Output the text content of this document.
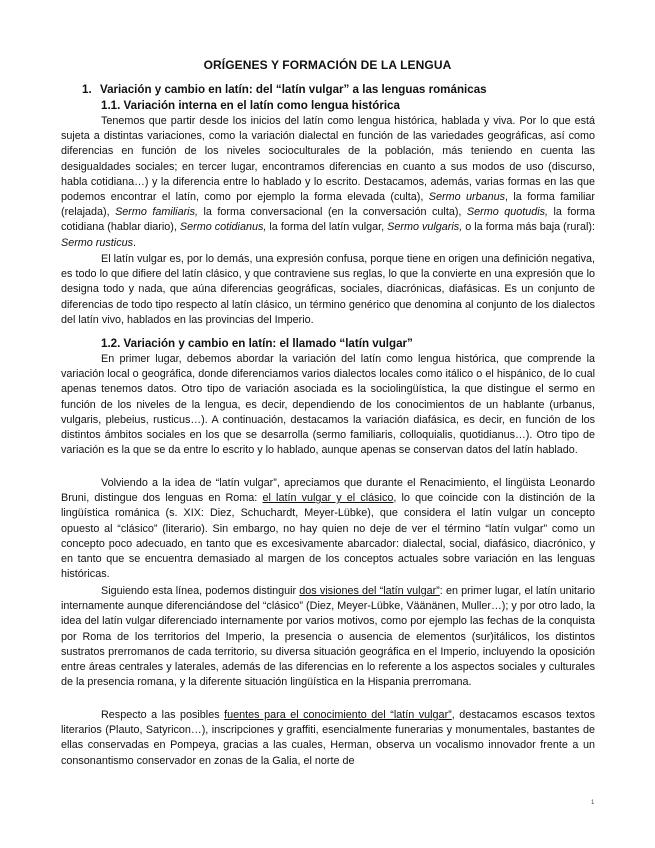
ORÍGENES Y FORMACIÓN DE LA LENGUA
1. Variación y cambio en latín: del “latín vulgar” a las lenguas románicas
1.1. Variación interna en el latín como lengua histórica
Tenemos que partir desde los inicios del latín como lengua histórica, hablada y viva. Por lo que está sujeta a distintas variaciones, como la variación dialectal en función de las variedades geográficas, así como diferencias en función de los niveles socioculturales de la población, más teniendo en cuenta las desigualdades sociales; en tercer lugar, encontramos diferencias en cuanto a sus modos de uso (discurso, habla cotidiana…) y la diferencia entre lo hablado y lo escrito. Destacamos, además, varias formas en las que podemos encontrar el latín, como por ejemplo la forma elevada (culta), Sermo urbanus, la forma familiar (relajada), Sermo familiaris, la forma conversacional (en la conversación culta), Sermo quotudis, la forma cotidiana (hablar diario), Sermo cotidianus, la forma del latín vulgar, Sermo vulgaris, o la forma más baja (rural): Sermo rusticus.
El latín vulgar es, por lo demás, una expresión confusa, porque tiene en origen una definición negativa, es todo lo que difiere del latín clásico, y que contraviene sus reglas, lo que la convierte en una expresión que lo designa todo y nada, que aúna diferencias geográficas, sociales, diacrónicas, diafásicas. Es un conjunto de diferencias de todo tipo respecto al latín clásico, un término genérico que denomina al conjunto de los dialectos del latín vivo, hablados en las provincias del Imperio.
1.2. Variación y cambio en latín: el llamado “latín vulgar”
En primer lugar, debemos abordar la variación del latín como lengua histórica, que comprende la variación local o geográfica, donde diferenciamos varios dialectos locales como itálico o el hispánico, de lo cual apenas tenemos datos. Otro tipo de variación asociada es la sociolingüística, la que distingue el sermo en función de los niveles de la lengua, es decir, dependiendo de los conocimientos de un hablante (urbanus, vulgaris, plebeius, rusticus…). A continuación, destacamos la variación diafásica, es decir, en función de los distintos ámbitos sociales en los que se desarrolla (sermo familiaris, colloquialis, quotidianus…). Otro tipo de variación es la que se da entre lo escrito y lo hablado, aunque apenas se conservan datos del latín hablado.
Volviendo a la idea de “latín vulgar”, apreciamos que durante el Renacimiento, el lingüista Leonardo Bruni, distingue dos lenguas en Roma: el latín vulgar y el clásico, lo que coincide con la distinción de la lingüística románica (s. XIX: Diez, Schuchardt, Meyer-Lübke), que considera el latín vulgar un concepto opuesto al “clásico” (literario). Sin embargo, no hay quien no deje de ver el término “latín vulgar” como un concepto poco adecuado, en tanto que es excesivamente abarcador: dialectal, social, diafásico, diacrónico, y en tanto que se encuentra demasiado al margen de los conceptos actuales sobre variación en las lenguas históricas.
Siguiendo esta línea, podemos distinguir dos visiones del “latín vulgar”: en primer lugar, el latín unitario internamente aunque diferenciándose del “clásico” (Diez, Meyer-Lübke, Väänänen, Muller…); y por otro lado, la idea del latín vulgar diferenciado internamente por varios motivos, como por ejemplo las fechas de la conquista por Roma de los territorios del Imperio, la presencia o ausencia de elementos (sur)itálicos, los distintos sustratos prerromanos de cada territorio, su diversa situación geográfica en el Imperio, incluyendo la oposición entre áreas centrales y laterales, además de las diferencias en lo referente a los aspectos sociales y culturales de la presencia romana, y la diferente situación lingüística en la Hispania prerromana.
Respecto a las posibles fuentes para el conocimiento del “latín vulgar”, destacamos escasos textos literarios (Plauto, Satyricon…), inscripciones y graffiti, esencialmente funerarias y monumentales, bastantes de ellas conservadas en Pompeya, gracias a las cuales, Herman, observa un vocalismo innovador frente a un consonantismo conservador en zonas de la Galia, el norte de
1
